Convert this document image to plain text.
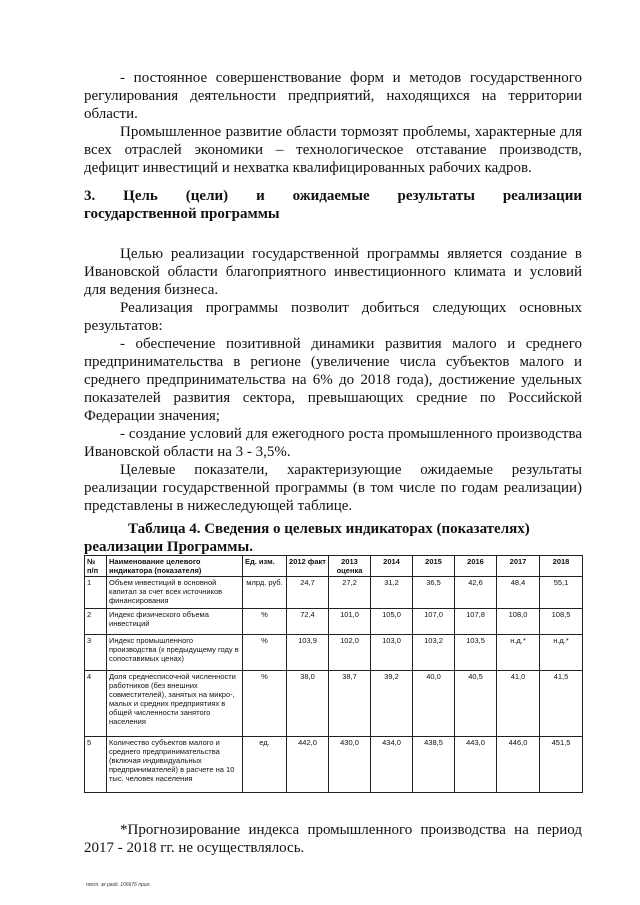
- постоянное совершенствование форм и методов государственного регулирования деятельности предприятий, находящихся на территории области.

Промышленное развитие области тормозят проблемы, характерные для всех отраслей экономики – технологическое отставание производств, дефицит инвестиций и нехватка квалифицированных рабочих кадров.

3. Цель (цели) и ожидаемые результаты реализации
государственной программы

Целью реализации государственной программы является создание в Ивановской области благоприятного инвестиционного климата и условий для ведения бизнеса.

Реализация программы позволит добиться следующих основных результатов:

- обеспечение позитивной динамики развития малого и среднего предпринимательства в регионе (увеличение числа субъектов малого и среднего предпринимательства на 6% до 2018 года), достижение удельных показателей развития сектора, превышающих средние по Российской Федерации значения;

- создание условий для ежегодного роста промышленного производства Ивановской области на 3 - 3,5%.

Целевые показатели, характеризующие ожидаемые результаты реализации государственной программы (в том числе по годам реализации) представлены в нижеследующей таблице.

Таблица 4. Сведения о целевых индикаторах (показателях)
реализации Программы.
№ п/п	Наименование целевого индикатора (показателя)	Ед. изм.	2012 факт	2013 оценка	2014	2015	2016	2017	2018
1	Объем инвестиций в основной капитал за счет всех источников финансирования	млрд. руб.	24,7	27,2	31,2	36,5	42,6	48,4	55,1
2	Индекс физического объема инвестиций	%	72,4	101,0	105,0	107,0	107,8	108,0	108,5
3	Индекс промышленного производства (к предыдущему году в сопоставимых ценах)	%	103,9	102,0	103,0	103,2	103,5	н.д.*	н.д.*
4	Доля среднесписочной численности работников (без внешних совместителей), занятых на микро-, малых и средних предприятиях в общей численности занятого населения	%	38,0	38,7	39,2	40,0	40,5	41,0	41,5
5	Количество субъектов малого и среднего предпринимательства (включая индивидуальных предпринимателей) в расчете на 10 тыс. человек населения	ед.	442,0	430,0	434,0	438,5	443,0	446,0	451,5

*Прогнозирование индекса промышленного производства на период 2017 - 2018 гг. не осуществлялось.

пост. зк разд. 106676 прил.
